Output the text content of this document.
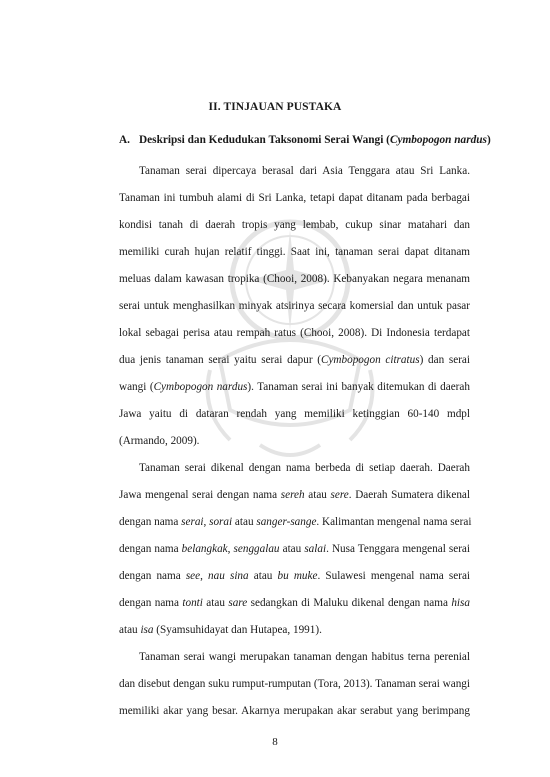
II. TINJAUAN PUSTAKA
A. Deskripsi dan Kedudukan Taksonomi Serai Wangi (Cymbopogon nardus)
Tanaman serai dipercaya berasal dari Asia Tenggara atau Sri Lanka.
Tanaman ini tumbuh alami di Sri Lanka, tetapi dapat ditanam pada berbagai
kondisi tanah di daerah tropis yang lembab, cukup sinar matahari dan
memiliki curah hujan relatif tinggi. Saat ini, tanaman serai dapat ditanam
meluas dalam kawasan tropika (Chooi, 2008). Kebanyakan negara menanam
serai untuk menghasilkan minyak atsirinya secara komersial dan untuk pasar
lokal sebagai perisa atau rempah ratus (Chooi, 2008). Di Indonesia terdapat
dua jenis tanaman serai yaitu serai dapur (Cymbopogon citratus) dan serai
wangi (Cymbopogon nardus). Tanaman serai ini banyak ditemukan di daerah
Jawa yaitu di dataran rendah yang memiliki ketinggian 60-140 mdpl
(Armando, 2009).
Tanaman serai dikenal dengan nama berbeda di setiap daerah. Daerah
Jawa mengenal serai dengan nama sereh atau sere. Daerah Sumatera dikenal
dengan nama serai, sorai atau sanger-sange. Kalimantan mengenal nama serai
dengan nama belangkak, senggalau atau salai. Nusa Tenggara mengenal serai
dengan nama see, nau sina atau bu muke. Sulawesi mengenal nama serai
dengan nama tonti atau sare sedangkan di Maluku dikenal dengan nama hisa
atau isa (Syamsuhidayat dan Hutapea, 1991).
Tanaman serai wangi merupakan tanaman dengan habitus terna perenial
dan disebut dengan suku rumput-rumputan (Tora, 2013). Tanaman serai wangi
memiliki akar yang besar. Akarnya merupakan akar serabut yang berimpang
8
